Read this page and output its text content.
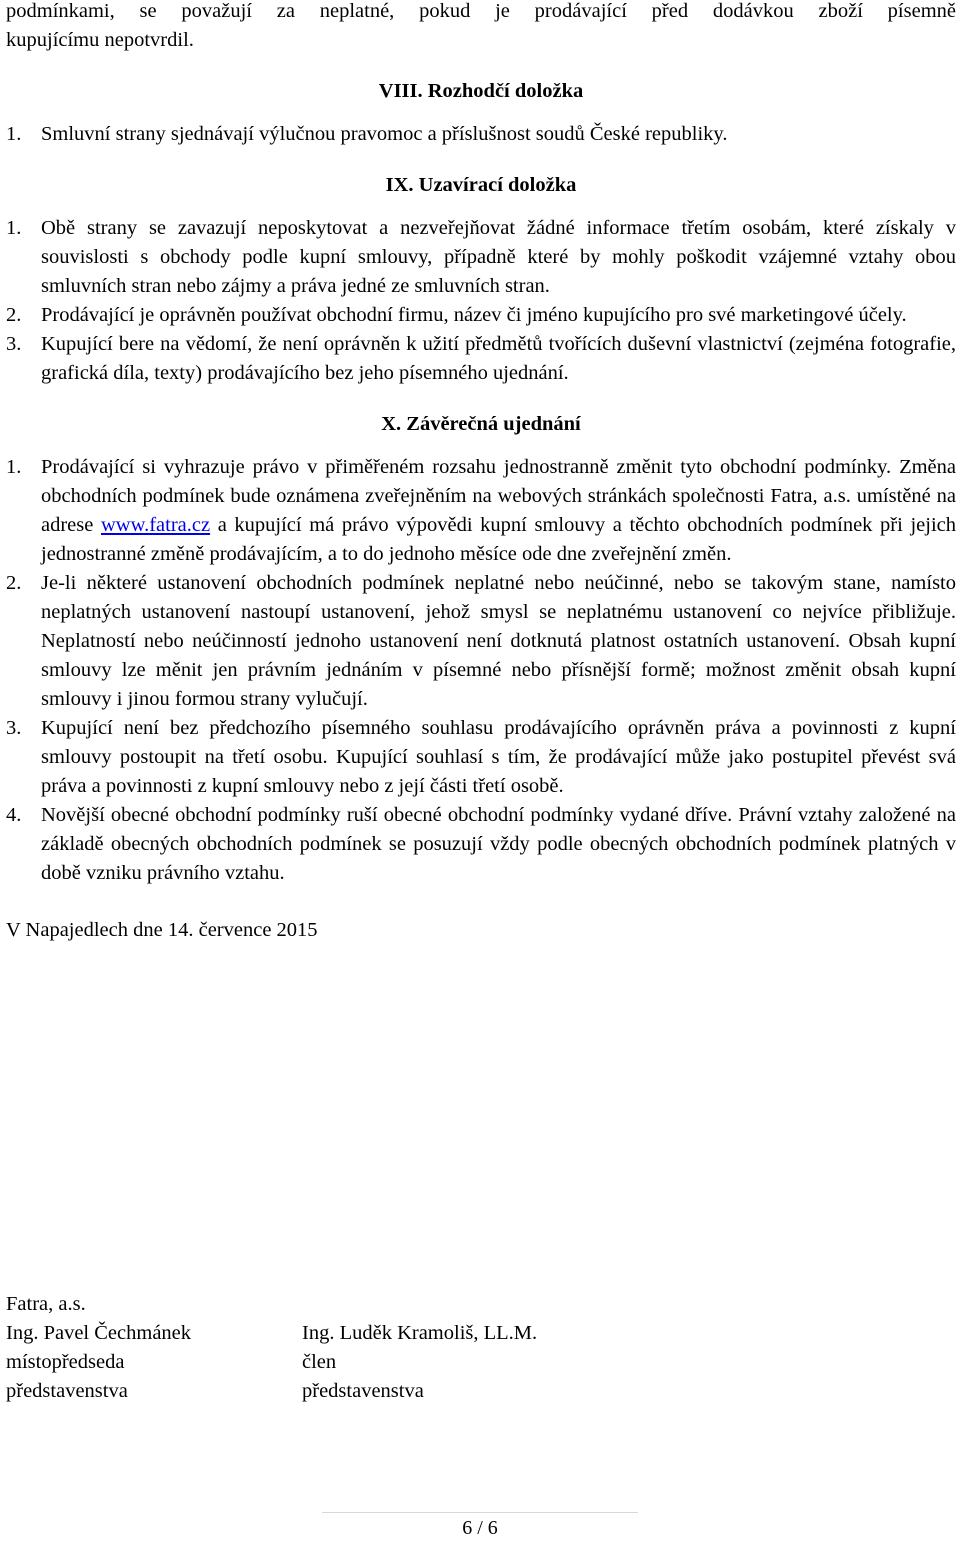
podmínkami, se považují za neplatné, pokud je prodávající před dodávkou zboží písemně

kupujícímu nepotvrdil.

VIII. Rozhodčí doložka

1. Smluvní strany sjednávají výlučnou pravomoc a příslušnost soudů České republiky.

IX. Uzavírací doložka

1. Obě strany se zavazují neposkytovat a nezveřejňovat žádné informace třetím osobám, které získaly v souvislosti s obchody podle kupní smlouvy, případně které by mohly poškodit vzájemné vztahy obou smluvních stran nebo zájmy a práva jedné ze smluvních stran.
2. Prodávající je oprávněn používat obchodní firmu, název či jméno kupujícího pro své marketingové účely.
3. Kupující bere na vědomí, že není oprávněn k užití předmětů tvořících duševní vlastnictví (zejména fotografie, grafická díla, texty) prodávajícího bez jeho písemného ujednání.

X. Závěrečná ujednání

1. Prodávající si vyhrazuje právo v přiměřeném rozsahu jednostranně změnit tyto obchodní podmínky. Změna obchodních podmínek bude oznámena zveřejněním na webových stránkách společnosti Fatra, a.s. umístěné na adrese www.fatra.cz a kupující má právo výpovědi kupní smlouvy a těchto obchodních podmínek při jejich jednostranné změně prodávajícím, a to do jednoho měsíce ode dne zveřejnění změn.
2. Je-li některé ustanovení obchodních podmínek neplatné nebo neúčinné, nebo se takovým stane, namísto neplatných ustanovení nastoupí ustanovení, jehož smysl se neplatnému ustanovení co nejvíce přibližuje. Neplatností nebo neúčinností jednoho ustanovení není dotknutá platnost ostatních ustanovení. Obsah kupní smlouvy lze měnit jen právním jednáním v písemné nebo přísnější formě; možnost změnit obsah kupní smlouvy i jinou formou strany vylučují.
3. Kupující není bez předchozího písemného souhlasu prodávajícího oprávněn práva a povinnosti z kupní smlouvy postoupit na třetí osobu. Kupující souhlasí s tím, že prodávající může jako postupitel převést svá práva a povinnosti z kupní smlouvy nebo z její části třetí osobě.
4. Novější obecné obchodní podmínky ruší obecné obchodní podmínky vydané dříve. Právní vztahy založené na základě obecných obchodních podmínek se posuzují vždy podle obecných obchodních podmínek platných v době vzniku právního vztahu.

V Napajedlech dne 14. července 2015

Fatra, a.s.
Ing. Pavel Čechmánek
místopředseda
představenstva
Ing. Luděk Kramoliš, LL.M.
člen
představenstva
6 / 6
